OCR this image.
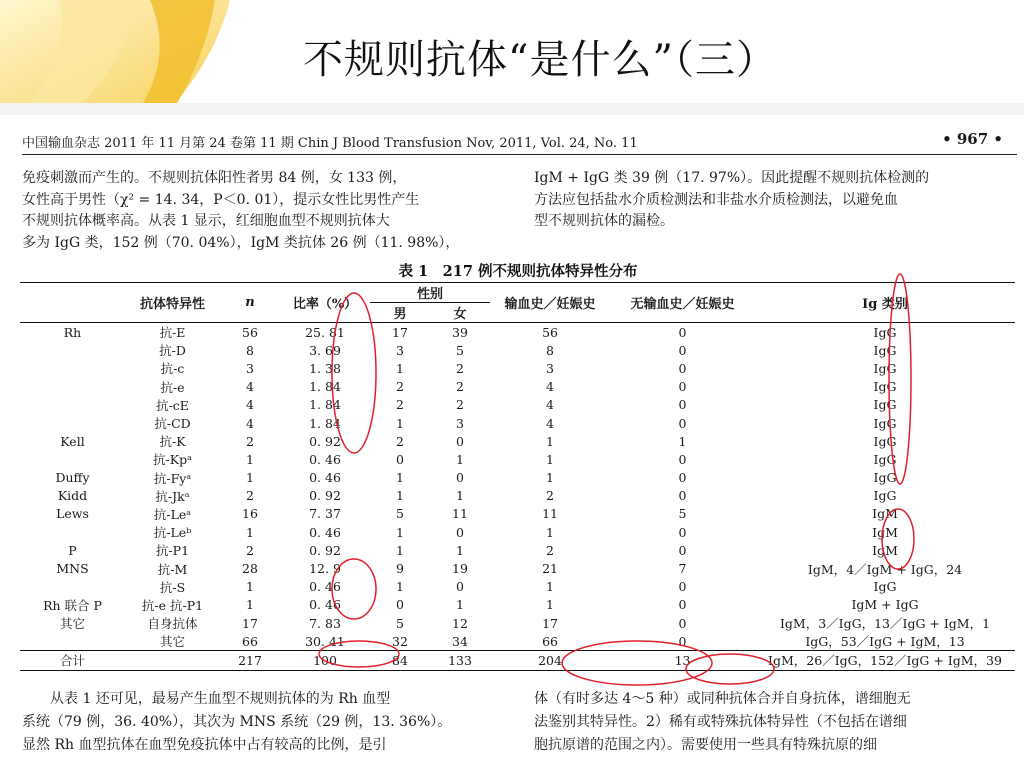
不规则抗体“是什么”（三）
中国输血杂志 2011 年 11 月第 24 卷第 11 期 Chin J Blood Transfusion Nov, 2011, Vol. 24, No. 11	• 967 •

免疫刺激而产生的。不规则抗体阳性者男 84 例，女 133 例，

女性高于男性（χ² = 14. 34，P＜0. 01），提示女性比男性产生

不规则抗体概率高。从表 1 显示，红细胞血型不规则抗体大

多为 IgG 类，152 例（70. 04%），IgM 类抗体 26 例（11. 98%），

IgM + IgG 类 39 例（17. 97%）。因此提醒不规则抗体检测的

方法应包括盐水介质检测法和非盐水介质检测法，以避免血

型不规则抗体的漏检。

表 1　217 例不规则抗体特异性分布
	抗体特异性	n	比率（%）	性别		输血史／妊娠史	无输血史／妊娠史	Ig 类别
				男	女			
Rh	抗-E	56	25. 81	17	39	56	0	IgG
	抗-D	8	3. 69	3	5	8	0	IgG
	抗-c	3	1. 38	1	2	3	0	IgG
	抗-e	4	1. 84	2	2	4	0	IgG
	抗-cE	4	1. 84	2	2	4	0	IgG
	抗-CD	4	1. 84	1	3	4	0	IgG
Kell	抗-K	2	0. 92	2	0	1	1	IgG
	抗-Kpᵃ	1	0. 46	0	1	1	0	IgG
Duffy	抗-Fyᵃ	1	0. 46	1	0	1	0	IgG
Kidd	抗-Jkᵃ	2	0. 92	1	1	2	0	IgG
Lews	抗-Leᵃ	16	7. 37	5	11	11	5	IgM
	抗-Leᵇ	1	0. 46	1	0	1	0	IgM
P	抗-P1	2	0. 92	1	1	2	0	IgM
MNS	抗-M	28	12. 9	9	19	21	7	IgM，4／IgM + IgG，24
	抗-S	1	0. 46	1	0	1	0	IgG
Rh 联合 P	抗-e 抗-P1	1	0. 46	0	1	1	0	IgM + IgG
其它	自身抗体	17	7. 83	5	12	17	0	IgM，3／IgG，13／IgG + IgM，1
	其它	66	30. 41	32	34	66	0	IgG，53／IgG + IgM，13
合计		217	100	84	133	204	13	IgM，26／IgG，152／IgG + IgM，39
从表 1 还可见，最易产生血型不规则抗体的为 Rh 血型
系统（79 例，36. 40%），其次为 MNS 系统（29 例，13. 36%）。
显然 Rh 血型抗体在血型免疫抗体中占有较高的比例，是引
体（有时多达 4～5 种）或同种抗体合并自身抗体，谱细胞无
法鉴别其特异性。2）稀有或特殊抗体特异性（不包括在谱细
胞抗原谱的范围之内）。需要使用一些具有特殊抗原的细
